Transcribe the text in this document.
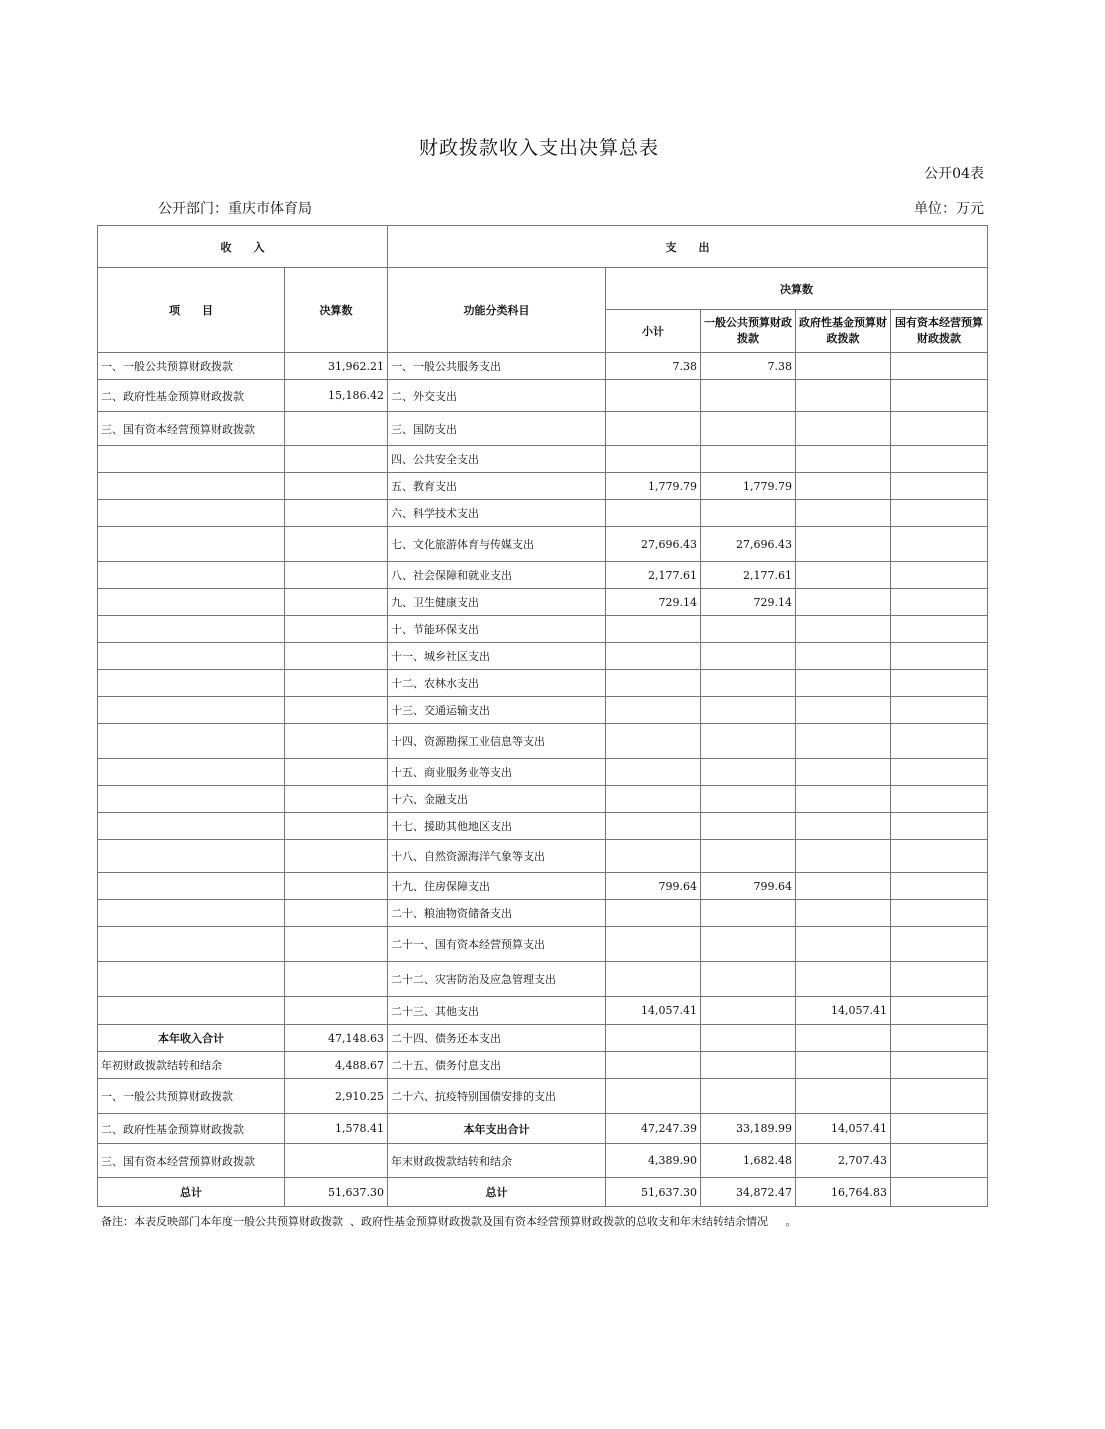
财政拨款收入支出决算总表
公开04表
公开部门：重庆市体育局	单位：万元
收　　入		支　　出				
项　　目	决算数	功能分类科目	决算数			
			小计	一般公共预算财政拨款	政府性基金预算财政拨款	国有资本经营预算财政拨款
一、一般公共预算财政拨款	31,962.21	一、一般公共服务支出	7.38	7.38		
二、政府性基金预算财政拨款	15,186.42	二、外交支出				
三、国有资本经营预算财政拨款		三、国防支出				
		四、公共安全支出				
		五、教育支出	1,779.79	1,779.79		
		六、科学技术支出				
		七、文化旅游体育与传媒支出	27,696.43	27,696.43		
		八、社会保障和就业支出	2,177.61	2,177.61		
		九、卫生健康支出	729.14	729.14		
		十、节能环保支出				
		十一、城乡社区支出				
		十二、农林水支出				
		十三、交通运输支出				
		十四、资源勘探工业信息等支出				
		十五、商业服务业等支出				
		十六、金融支出				
		十七、援助其他地区支出				
		十八、自然资源海洋气象等支出				
		十九、住房保障支出	799.64	799.64		
		二十、粮油物资储备支出				
		二十一、国有资本经营预算支出				
		二十二、灾害防治及应急管理支出				
		二十三、其他支出	14,057.41		14,057.41	
本年收入合计	47,148.63	二十四、债务还本支出				
年初财政拨款结转和结余	4,488.67	二十五、债务付息支出				
一、一般公共预算财政拨款	2,910.25	二十六、抗疫特别国债安排的支出				
二、政府性基金预算财政拨款	1,578.41	本年支出合计	47,247.39	33,189.99	14,057.41	
三、国有资本经营预算财政拨款		年末财政拨款结转和结余	4,389.90	1,682.48	2,707.43	
总计	51,637.30	总计	51,637.30	34,872.47	16,764.83	
备注：本表反映部门本年度一般公共预算财政拨款  、政府性基金预算财政拨款及国有资本经营预算财政拨款的总收支和年末结转结余情况     。
